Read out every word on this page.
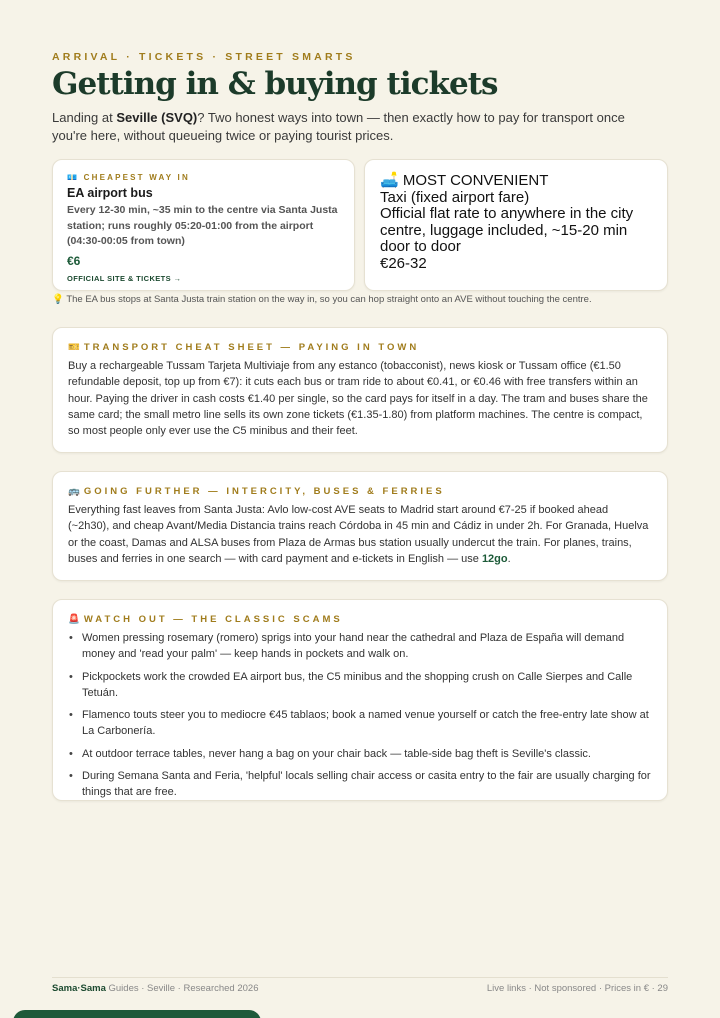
ARRIVAL · TICKETS · STREET SMARTS
Getting in & buying tickets

Landing at Seville (SVQ)? Two honest ways into town — then exactly how to pay for transport once you're here, without queueing twice or paying tourist prices.

💶 CHEAPEST WAY IN
EA airport bus
Every 12-30 min, ~35 min to the centre via Santa Justa station; runs roughly 05:20-01:00 from the airport (04:30-00:05 from town)
€6
OFFICIAL SITE & TICKETS →
🛋️ MOST CONVENIENT
Taxi (fixed airport fare)
Official flat rate to anywhere in the city centre, luggage included, ~15-20 min door to door
€26-32
💡 The EA bus stops at Santa Justa train station on the way in, so you can hop straight onto an AVE without touching the centre.
🎫 TRANSPORT CHEAT SHEET — PAYING IN TOWN

Buy a rechargeable Tussam Tarjeta Multiviaje from any estanco (tobacconist), news kiosk or Tussam office (€1.50 refundable deposit, top up from €7): it cuts each bus or tram ride to about €0.41, or €0.46 with free transfers within an hour. Paying the driver in cash costs €1.40 per single, so the card pays for itself in a day. The tram and buses share the same card; the small metro line sells its own zone tickets (€1.35-1.80) from platform machines. The centre is compact, so most people only ever use the C5 minibus and their feet.

🚌 GOING FURTHER — INTERCITY, BUSES & FERRIES

Everything fast leaves from Santa Justa: Avlo low-cost AVE seats to Madrid start around €7-25 if booked ahead (~2h30), and cheap Avant/Media Distancia trains reach Córdoba in 45 min and Cádiz in under 2h. For Granada, Huelva or the coast, Damas and ALSA buses from Plaza de Armas bus station usually undercut the train. For planes, trains, buses and ferries in one search — with card payment and e-tickets in English — use 12go.

🚨 WATCH OUT — THE CLASSIC SCAMS
• Women pressing rosemary (romero) sprigs into your hand near the cathedral and Plaza de España will demand money and 'read your palm' — keep hands in pockets and walk on.
• Pickpockets work the crowded EA airport bus, the C5 minibus and the shopping crush on Calle Sierpes and Calle Tetuán.
• Flamenco touts steer you to mediocre €45 tablaos; book a named venue yourself or catch the free-entry late show at La Carbonería.
• At outdoor terrace tables, never hang a bag on your chair back — table-side bag theft is Seville's classic.
• During Semana Santa and Feria, 'helpful' locals selling chair access or casita entry to the fair are usually charging for things that are free.
Sama·Sama Guides · Seville · Researched 2026	Live links · Not sponsored · Prices in € · 29
